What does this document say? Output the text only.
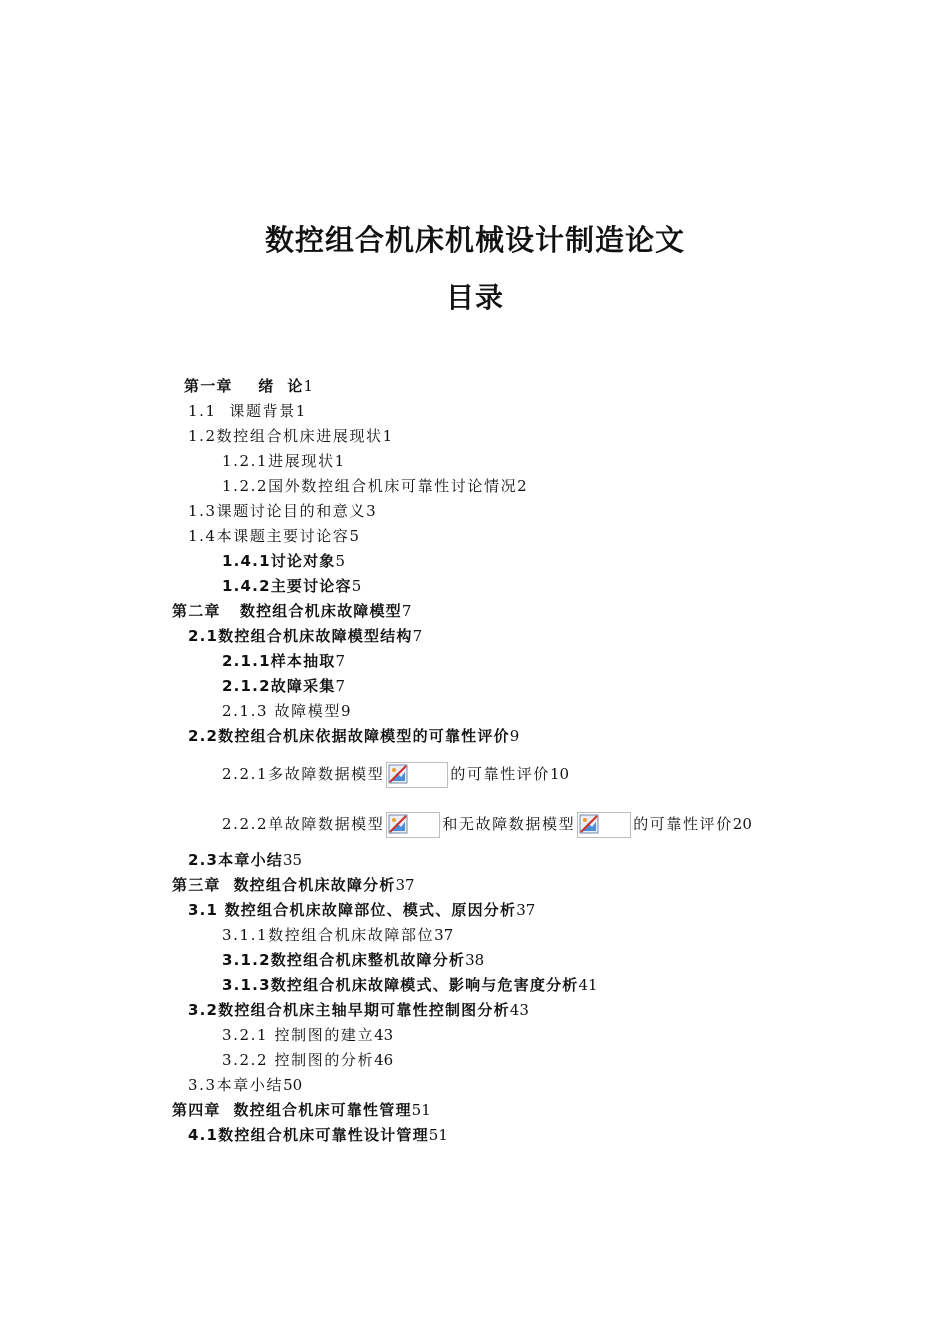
数控组合机床机械设计制造论文
目录
第一章    绪  论1
1.1  课题背景1
1.2数控组合机床进展现状1
1.2.1进展现状1
1.2.2国外数控组合机床可靠性讨论情况2
1.3课题讨论目的和意义3
1.4本课题主要讨论容5
1.4.1讨论对象5
1.4.2主要讨论容5
第二章   数控组合机床故障模型7
2.1数控组合机床故障模型结构7
2.1.1样本抽取7
2.1.2故障采集7
2.1.3 故障模型9
2.2数控组合机床依据故障模型的可靠性评价9
2.2.1多故障数据模型	的可靠性评价10
2.2.2单故障数据模型	和无故障数据模型	的可靠性评价20
2.3本章小结35
第三章  数控组合机床故障分析37
3.1 数控组合机床故障部位、模式、原因分析37
3.1.1数控组合机床故障部位37
3.1.2数控组合机床整机故障分析38
3.1.3数控组合机床故障模式、影响与危害度分析41
3.2数控组合机床主轴早期可靠性控制图分析43
3.2.1 控制图的建立43
3.2.2 控制图的分析46
3.3本章小结50
第四章  数控组合机床可靠性管理51
4.1数控组合机床可靠性设计管理51
